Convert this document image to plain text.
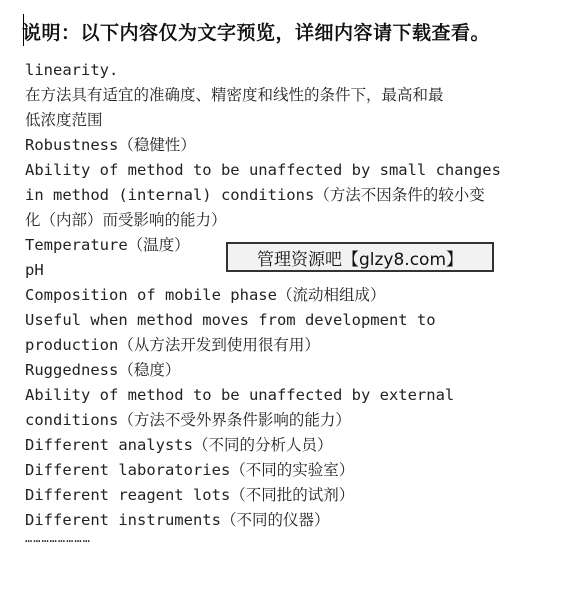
说明：以下内容仅为文字预览，详细内容请下载查看。
linearity.
在方法具有适宜的准确度、精密度和线性的条件下，最高和最
低浓度范围
Robustness（稳健性）
Ability of method to be unaffected by small changes
in method (internal) conditions（方法不因条件的较小变
化（内部）而受影响的能力）
Temperature（温度）
pH
Composition of mobile phase（流动相组成）
Useful when method moves from development to
production（从方法开发到使用很有用）
Ruggedness（稳度）
Ability of method to be unaffected by external
conditions（方法不受外界条件影响的能力）
Different analysts（不同的分析人员）
Different laboratories（不同的实验室）
Different reagent lots（不同批的试剂）
Different instruments（不同的仪器）
管理资源吧【glzy8.com】
……………………
